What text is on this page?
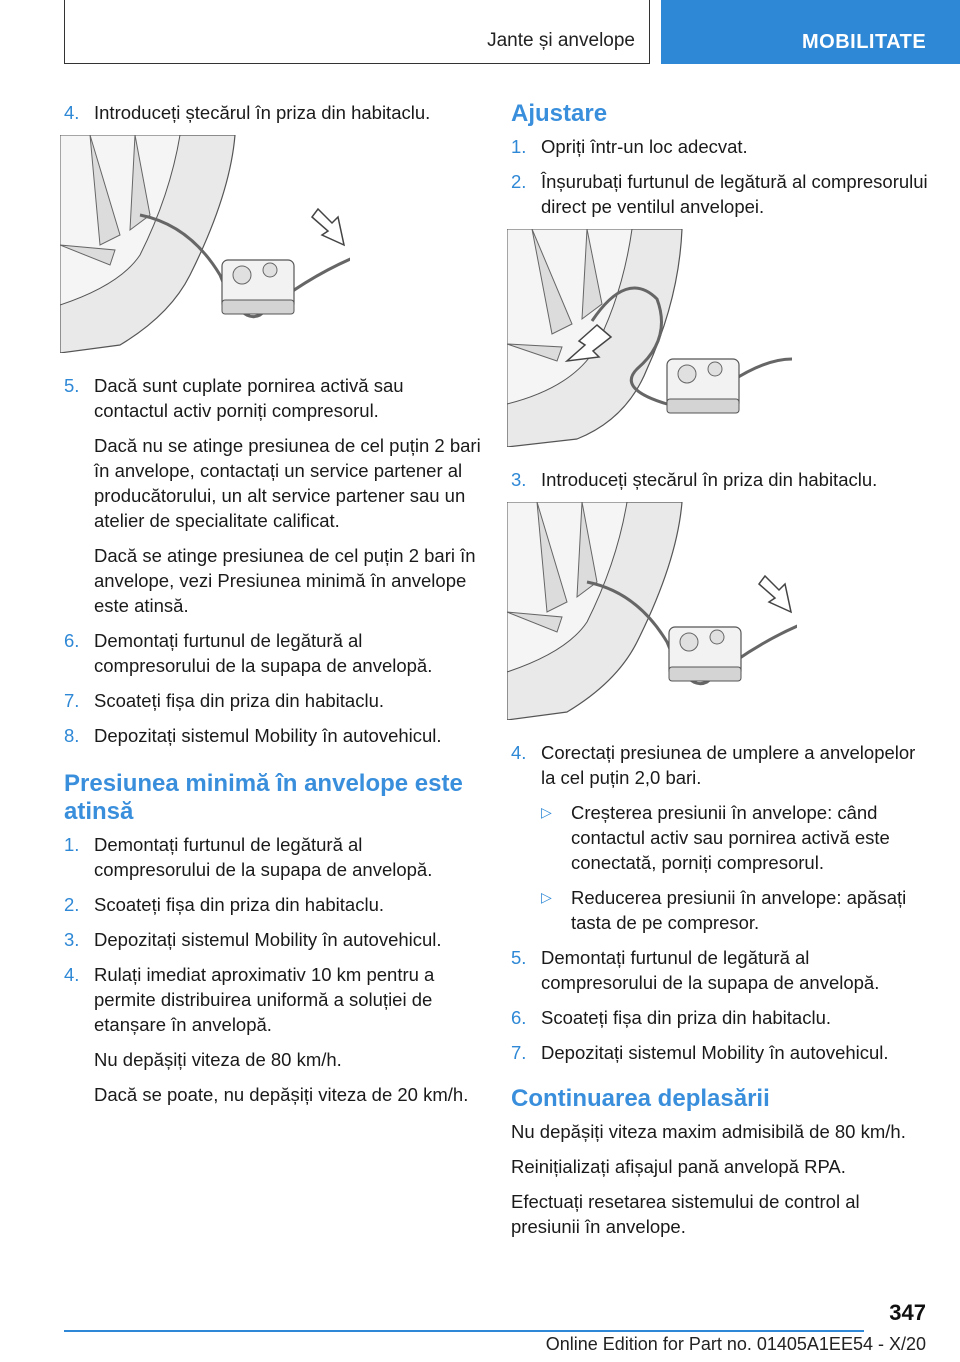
Jante și anvelope	MOBILITATE
4. Introduceți ștecărul în priza din habitaclu.
5. Dacă sunt cuplate pornirea activă sau contactul activ porniți compresorul.
Dacă nu se atinge presiunea de cel puțin 2 bari în anvelope, contactați un service partener al producătorului, un alt service partener sau un atelier de specialitate calificat.
Dacă se atinge presiunea de cel puțin 2 bari în anvelope, vezi Presiunea minimă în anvelope este atinsă.
6. Demontați furtunul de legătură al compresorului de la supapa de anvelopă.
7. Scoateți fișa din priza din habitaclu.
8. Depozitați sistemul Mobility în autovehicul.
Presiunea minimă în anvelope este atinsă
1. Demontați furtunul de legătură al compresorului de la supapa de anvelopă.
2. Scoateți fișa din priza din habitaclu.
3. Depozitați sistemul Mobility în autovehicul.
4. Rulați imediat aproximativ 10 km pentru a permite distribuirea uniformă a soluției de etanșare în anvelopă.
Nu depășiți viteza de 80 km/h.
Dacă se poate, nu depășiți viteza de 20 km/h.
Ajustare
1. Opriți într-un loc adecvat.
2. Înșurubați furtunul de legătură al compresorului direct pe ventilul anvelopei.
3. Introduceți ștecărul în priza din habitaclu.
4. Corectați presiunea de umplere a anvelopelor la cel puțin 2,0 bari.
▷ Creșterea presiunii în anvelope: când contactul activ sau pornirea activă este conectată, porniți compresorul.
▷ Reducerea presiunii în anvelope: apăsați tasta de pe compresor.
5. Demontați furtunul de legătură al compresorului de la supapa de anvelopă.
6. Scoateți fișa din priza din habitaclu.
7. Depozitați sistemul Mobility în autovehicul.
Continuarea deplasării

Nu depășiți viteza maxim admisibilă de 80 km/h.

Reinițializați afișajul pană anvelopă RPA.

Efectuați resetarea sistemului de control al presiunii în anvelope.

347
Online Edition for Part no. 01405A1EE54 - X/20
